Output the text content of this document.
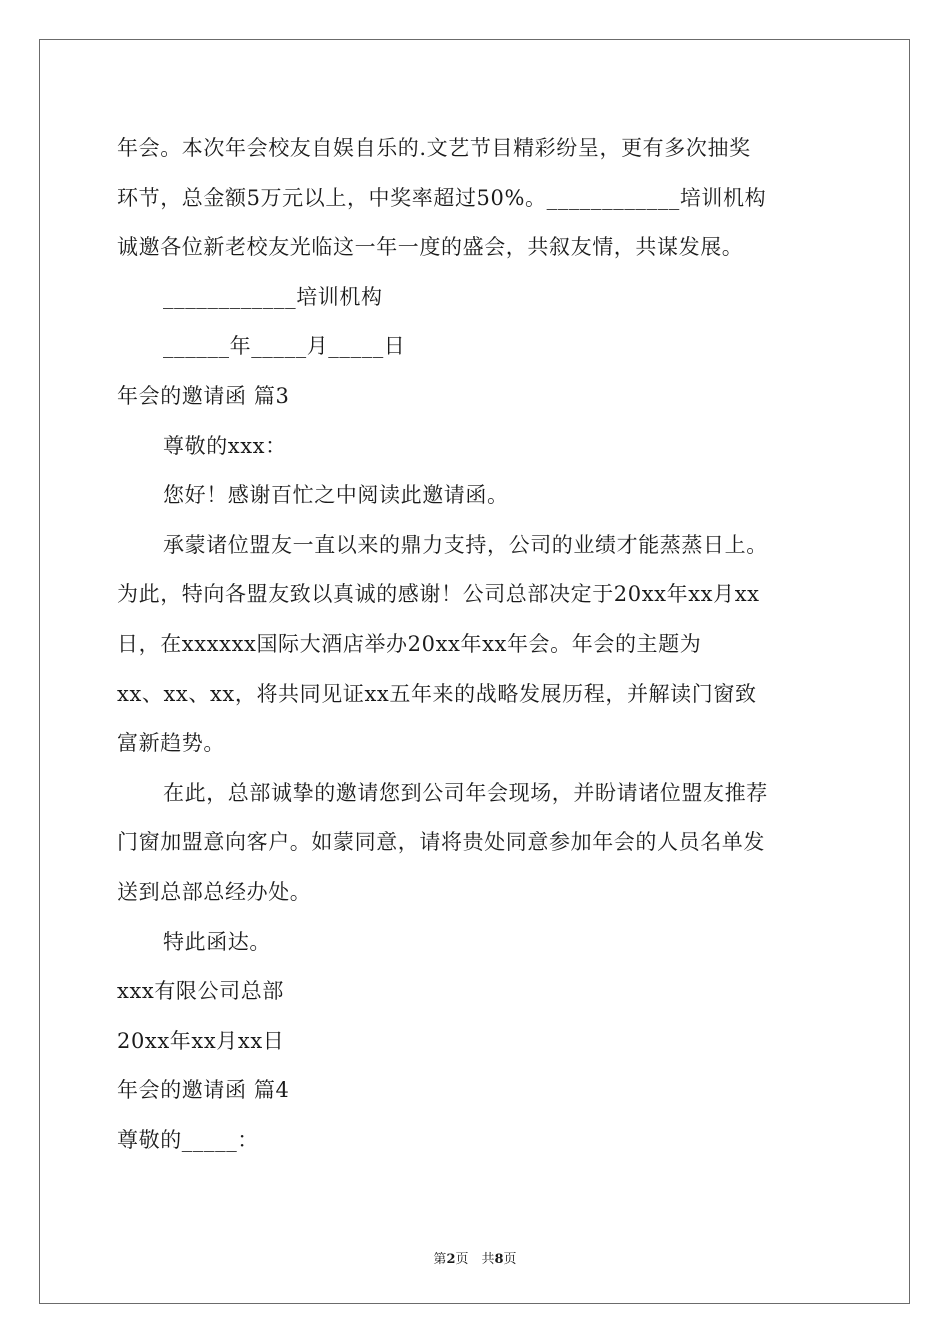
年会。本次年会校友自娱自乐的.文艺节目精彩纷呈，更有多次抽奖
环节，总金额5万元以上，中奖率超过50%。____________培训机构
诚邀各位新老校友光临这一年一度的盛会，共叙友情，共谋发展。
____________培训机构
______年_____月_____日
年会的邀请函 篇3
尊敬的xxx：
您好！感谢百忙之中阅读此邀请函。
承蒙诸位盟友一直以来的鼎力支持，公司的业绩才能蒸蒸日上。
为此，特向各盟友致以真诚的感谢！公司总部决定于20xx年xx月xx
日，在xxxxxx国际大酒店举办20xx年xx年会。年会的主题为
xx、xx、xx，将共同见证xx五年来的战略发展历程，并解读门窗致
富新趋势。
在此，总部诚挚的邀请您到公司年会现场，并盼请诸位盟友推荐
门窗加盟意向客户。如蒙同意，请将贵处同意参加年会的人员名单发
送到总部总经办处。
特此函达。
xxx有限公司总部
20xx年xx月xx日
年会的邀请函 篇4
尊敬的_____：
第2页　共8页
